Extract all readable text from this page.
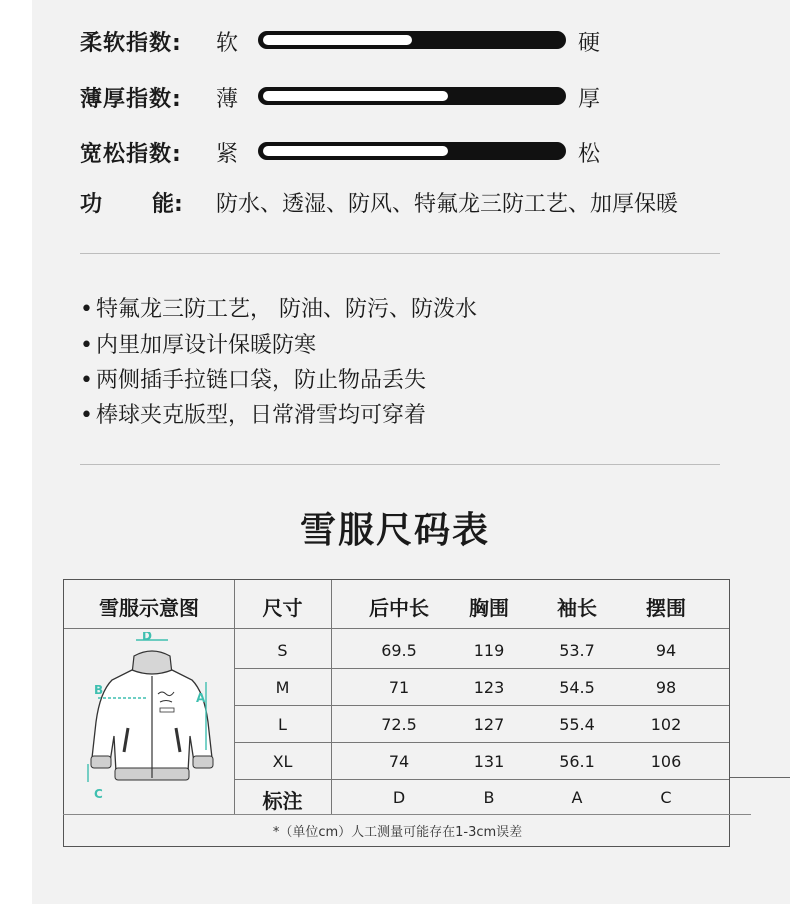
柔软指数: 软	硬
薄厚指数: 薄	厚
宽松指数: 紧	松
功 能: 防水、透湿、防风、特氟龙三防工艺、加厚保暖
• 特氟龙三防工艺， 防油、防污、防泼水
• 内里加厚设计保暖防寒
• 两侧插手拉链口袋，防止物品丢失
• 棒球夹克版型，日常滑雪均可穿着
雪服尺码表
雪服示意图	尺寸	后中长	胸围	袖长	摆围
S	69.5	119	53.7	94
M	71	123	54.5	98
L	72.5	127	55.4	102
XL	74	131	56.1	106
标注	D	B	A	C
D
B
A
C
*（单位cm）人工测量可能存在1-3cm误差
